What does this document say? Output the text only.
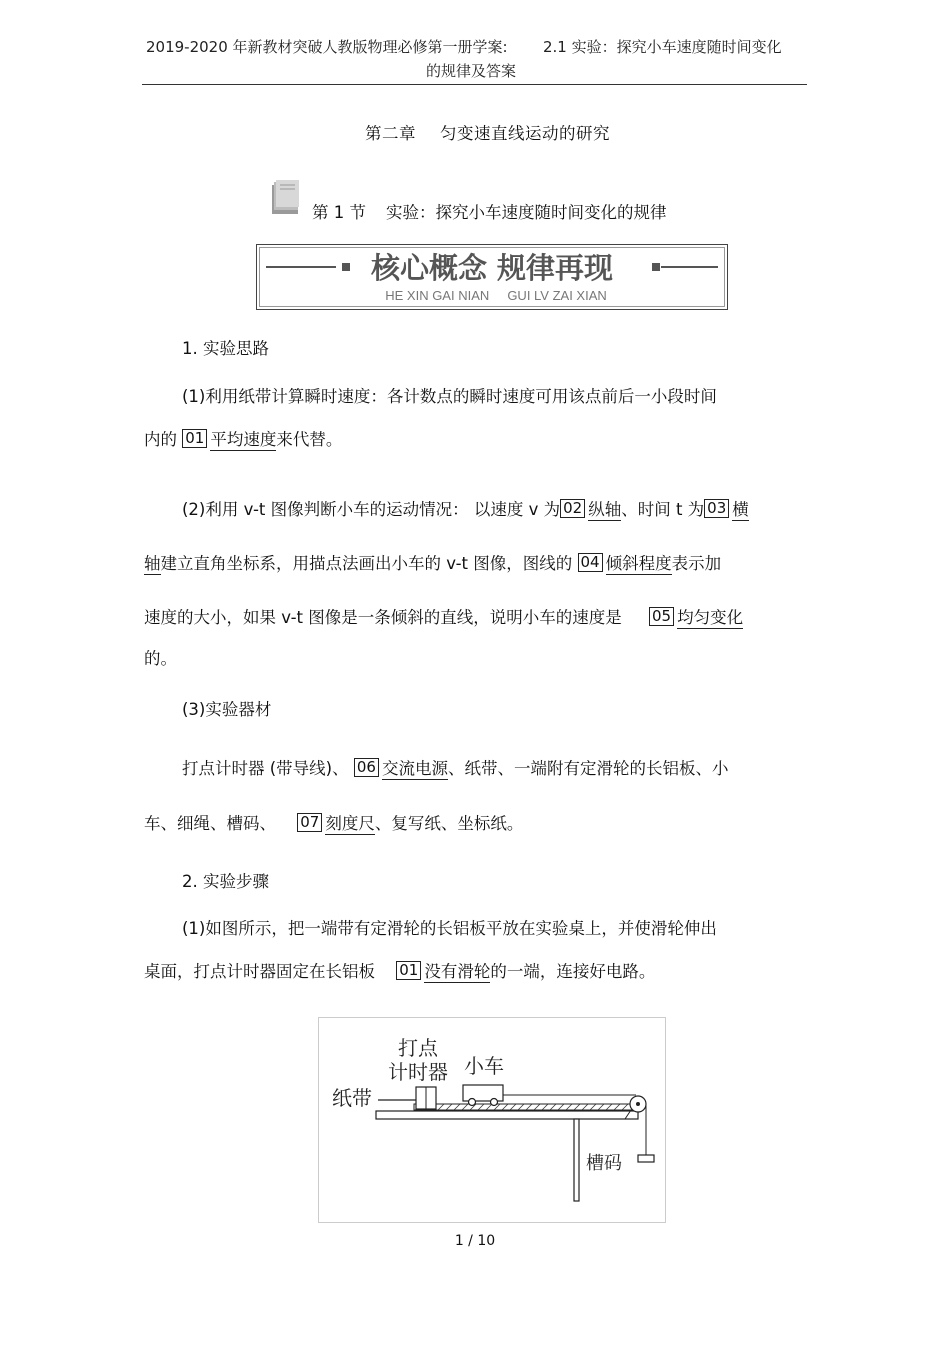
2019-2020 年新教材突破人教版物理必修第一册学案: 2.1 实验：探究小车速度随时间变化
的规律及答案
第二章 匀变速直线运动的研究
第 1 节 实验：探究小车速度随时间变化的规律
核心概念 规律再现
HE XIN GAI NIAN     GUI LV ZAI XIAN
1. 实验思路
(1)利用纸带计算瞬时速度：各计数点的瞬时速度可用该点前后一小段时间
内的 01 平均速度来代替。
(2)利用 v-t 图像判断小车的运动情况： 以速度 v 为 02 纵轴、时间 t 为 03 横
轴建立直角坐标系，用描点法画出小车的 v-t 图像，图线的 04 倾斜程度表示加
速度的大小，如果 v-t 图像是一条倾斜的直线，说明小车的速度是 05 均匀变化
的。
(3)实验器材
打点计时器 (带导线)、 06 交流电源、纸带、一端附有定滑轮的长铝板、小
车、细绳、槽码、 07 刻度尺、复写纸、坐标纸。
2. 实验步骤
(1)如图所示，把一端带有定滑轮的长铝板平放在实验桌上，并使滑轮伸出
桌面，打点计时器固定在长铝板 01 没有滑轮的一端，连接好电路。
打点
计时器 小车
纸带
槽码
1 / 10
